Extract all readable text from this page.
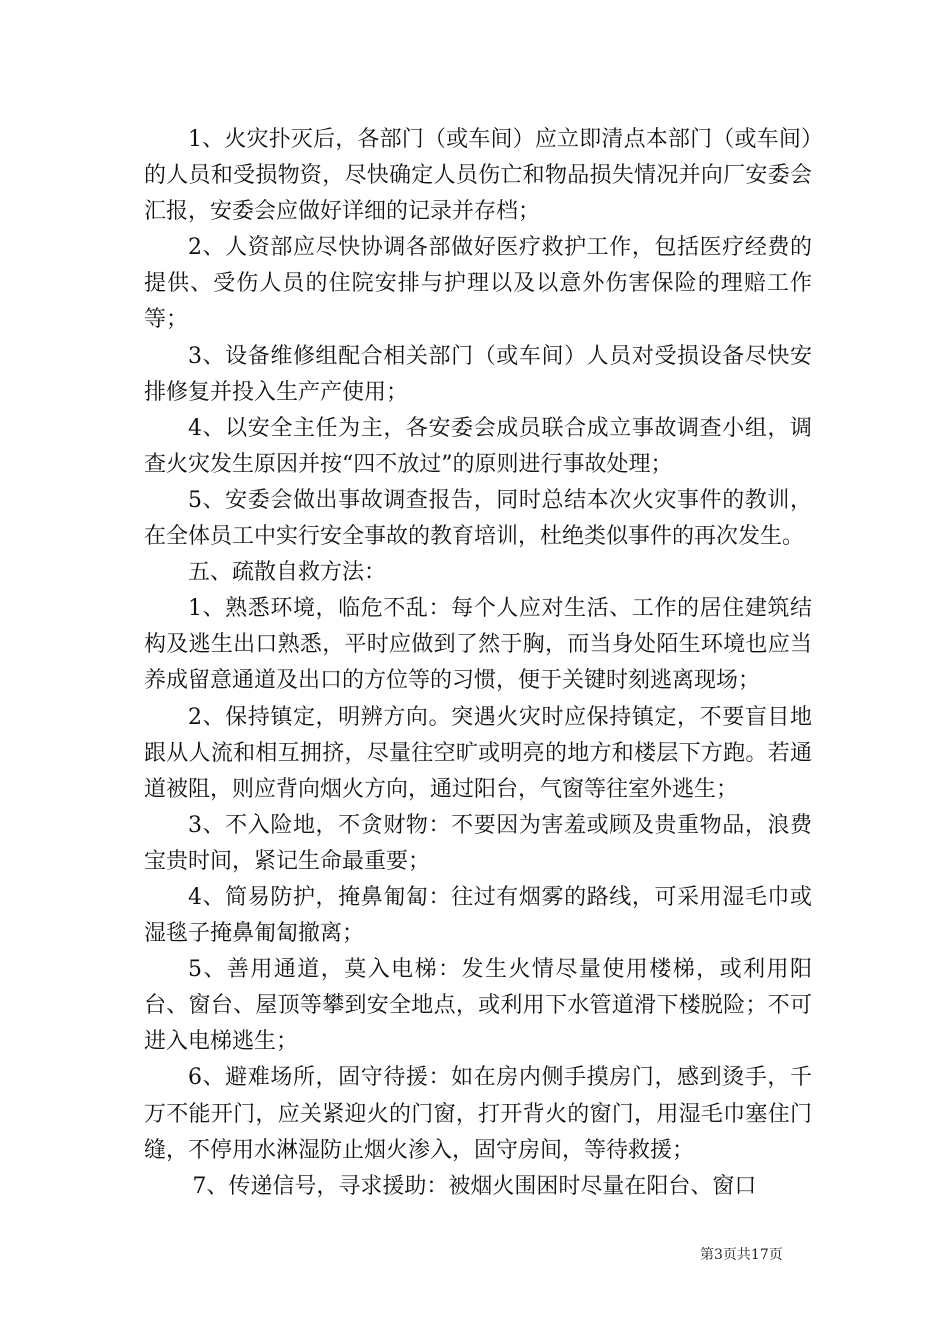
1、火灾扑灭后，各部门（或车间）应立即清点本部门（或车间）的人员和受损物资，尽快确定人员伤亡和物品损失情况并向厂安委会汇报，安委会应做好详细的记录并存档；

2、人资部应尽快协调各部做好医疗救护工作，包括医疗经费的提供、受伤人员的住院安排与护理以及以意外伤害保险的理赔工作等；

3、设备维修组配合相关部门（或车间）人员对受损设备尽快安排修复并投入生产产使用；

4、以安全主任为主，各安委会成员联合成立事故调查小组，调查火灾发生原因并按“四不放过”的原则进行事故处理；

5、安委会做出事故调查报告，同时总结本次火灾事件的教训，在全体员工中实行安全事故的教育培训，杜绝类似事件的再次发生。

五、疏散自救方法：

1、熟悉环境，临危不乱：每个人应对生活、工作的居住建筑结构及逃生出口熟悉，平时应做到了然于胸，而当身处陌生环境也应当养成留意通道及出口的方位等的习惯，便于关键时刻逃离现场；

2、保持镇定，明辨方向。突遇火灾时应保持镇定，不要盲目地跟从人流和相互拥挤，尽量往空旷或明亮的地方和楼层下方跑。若通道被阻，则应背向烟火方向，通过阳台，气窗等往室外逃生；

3、不入险地，不贪财物：不要因为害羞或顾及贵重物品，浪费宝贵时间，紧记生命最重要；

4、简易防护，掩鼻匍匐：往过有烟雾的路线，可采用湿毛巾或湿毯子掩鼻匍匐撤离；

5、善用通道，莫入电梯：发生火情尽量使用楼梯，或利用阳台、窗台、屋顶等攀到安全地点，或利用下水管道滑下楼脱险；不可进入电梯逃生；

6、避难场所，固守待援：如在房内侧手摸房门，感到烫手，千万不能开门，应关紧迎火的门窗，打开背火的窗门，用湿毛巾塞住门缝，不停用水淋湿防止烟火渗入，固守房间，等待救援；

7、传递信号，寻求援助：被烟火围困时尽量在阳台、窗口

第3页共17页
